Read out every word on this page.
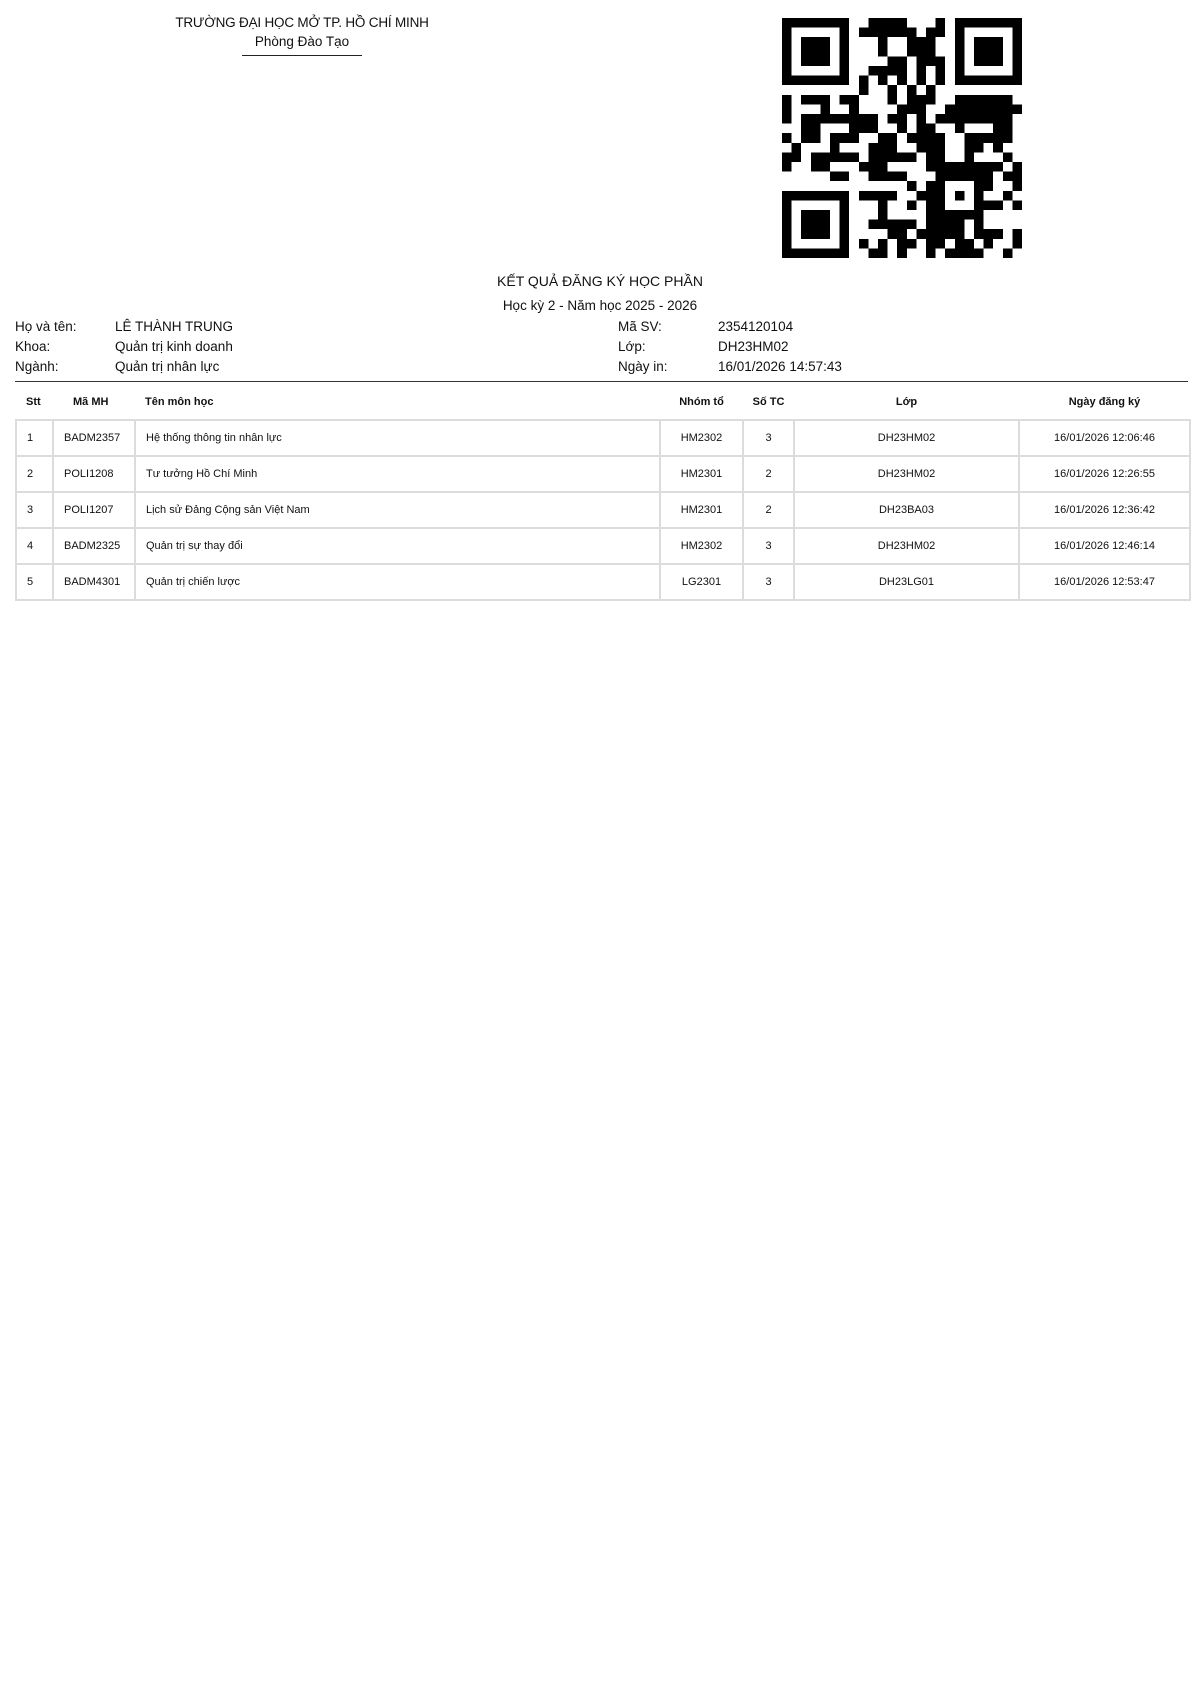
TRƯỜNG ĐẠI HỌC MỞ TP. HỒ CHÍ MINH
Phòng Đào Tạo
KẾT QUẢ ĐĂNG KÝ HỌC PHẦN
Học kỳ 2 - Năm học 2025 - 2026
Họ và tên:	LÊ THÀNH TRUNG
Khoa:	Quản trị kinh doanh
Ngành:	Quản trị nhân lực
Mã SV:	2354120104
Lớp:	DH23HM02
Ngày in:	16/01/2026 14:57:43
Stt	Mã MH	Tên môn học	Nhóm tổ	Số TC	Lớp	Ngày đăng ký
1	BADM2357	Hệ thống thông tin nhân lực	HM2302	3	DH23HM02	16/01/2026 12:06:46
2	POLI1208	Tư tưởng Hồ Chí Minh	HM2301	2	DH23HM02	16/01/2026 12:26:55
3	POLI1207	Lịch sử Đảng Cộng sản Việt Nam	HM2301	2	DH23BA03	16/01/2026 12:36:42
4	BADM2325	Quản trị sự thay đổi	HM2302	3	DH23HM02	16/01/2026 12:46:14
5	BADM4301	Quản trị chiến lược	LG2301	3	DH23LG01	16/01/2026 12:53:47
